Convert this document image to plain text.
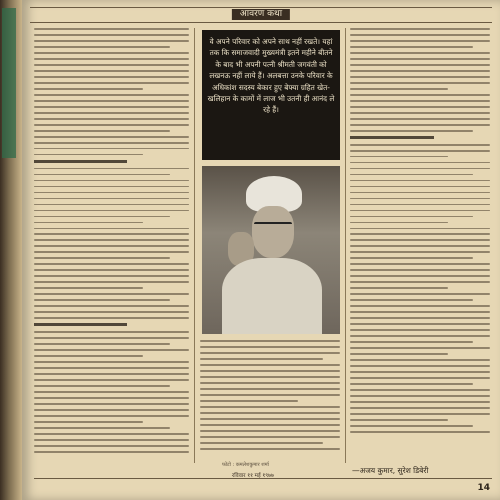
आवरण कथा
वे अपने परिवार को अपने साथ नहीं रखते। यहां तक कि समाजवादी मुख्यमंत्री इतने महीने बीतने के बाद भी अपनी पत्नी श्रीमती जगवंती को लखनऊ नहीं लाये हैं। अलबत्ता उनके परिवार के अधिकांश सदस्य बेकार हुए बेफ्या ग्रहित खेत-खलिहान के कामों में लाज भी उतनी ही आनंद ले रहे हैं।
फोटो : कमलेशकुमार शर्मा
—अजय कुमार, सुरेश डिबेरी
रविवार ११ मई १९७७
14
